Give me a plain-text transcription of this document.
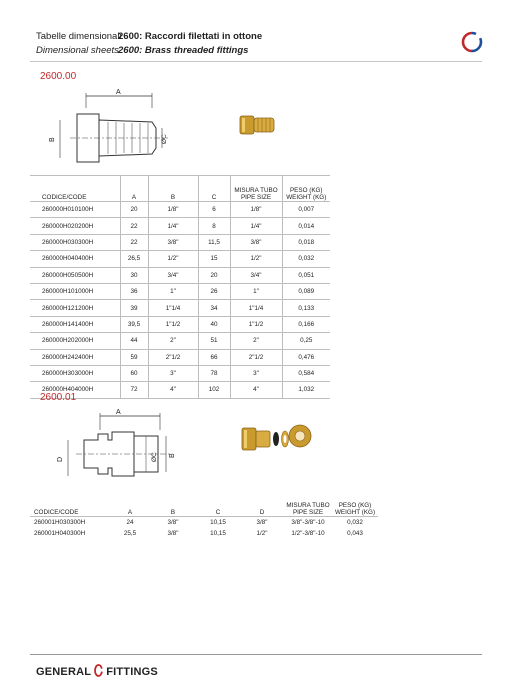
Tabelle dimensionali2600: Raccordi filettati in ottone
Dimensional sheets2600: Brass threaded fittings
2600.00
A
B	ØC
CODICE/CODE	A	B	C	MISURA TUBO PIPE SIZE	PESO (KG) WEIGHT (KG)
260000H010100H	20	1/8"	6	1/8"	0,007
260000H020200H	22	1/4"	8	1/4"	0,014
260000H030300H	22	3/8"	11,5	3/8"	0,018
260000H040400H	26,5	1/2"	15	1/2"	0,032
260000H050500H	30	3/4"	20	3/4"	0,051
260000H101000H	36	1"	26	1"	0,089
260000H121200H	39	1"1/4	34	1"1/4	0,133
260000H141400H	39,5	1"1/2	40	1"1/2	0,166
260000H202000H	44	2"	51	2"	0,25
260000H242400H	59	2"1/2	66	2"1/2	0,476
260000H303000H	60	3"	78	3"	0,584
260000H404000H	72	4"	102	4"	1,032
2600.01
A
D	ØC B
CODICE/CODE	A	B	C	D	MISURA TUBO PIPE SIZE	PESO (KG) WEIGHT (KG)
260001H030300H	24	3/8"	10,15	3/8"	3/8"-3/8"-10	0,032
260001H040300H	25,5	3/8"	10,15	1/2"	1/2"-3/8"-10	0,043
GENERAL FITTINGS
